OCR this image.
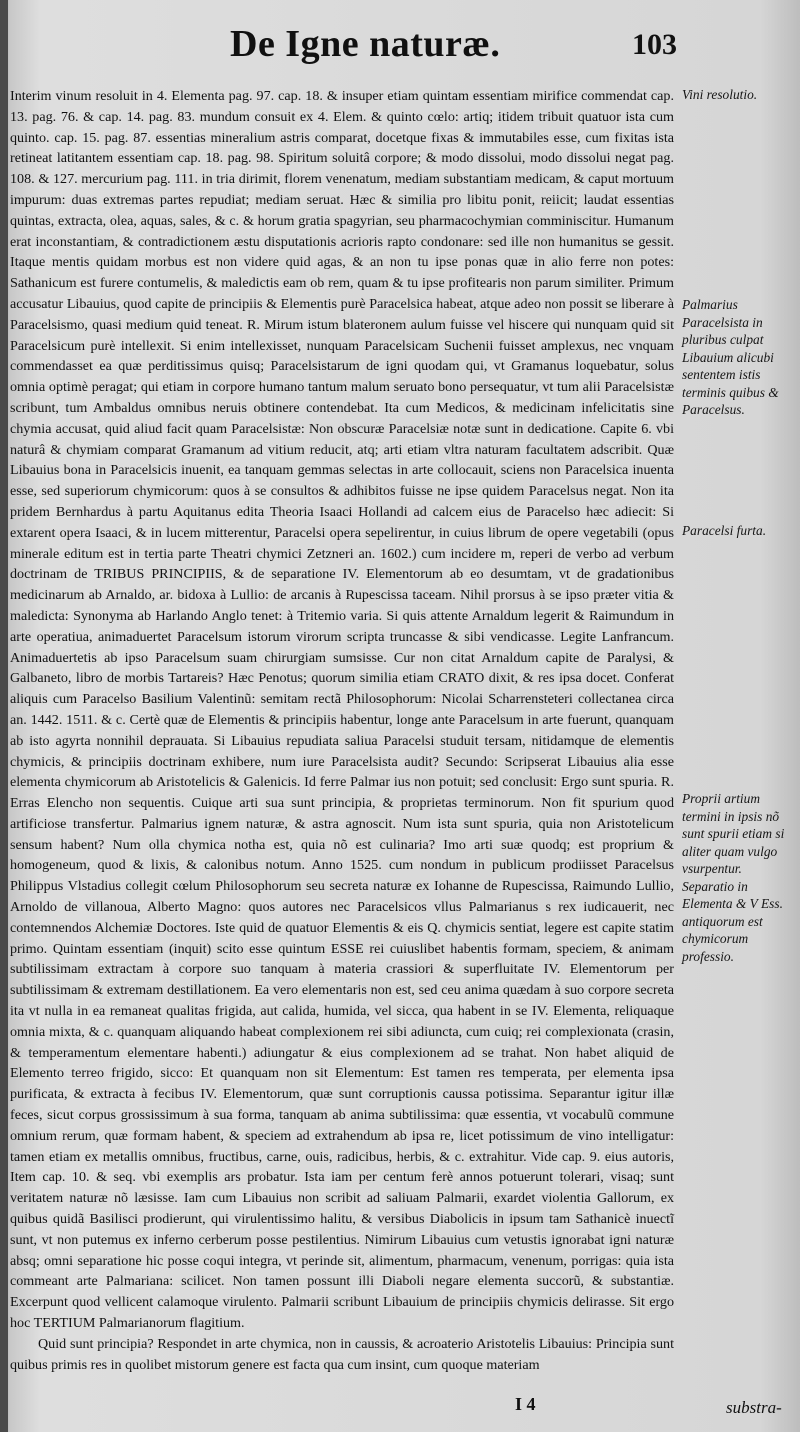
De Igne naturæ.	103

Interim vinum resoluit in 4. Elementa pag. 97. cap. 18. & insuper etiam quintam essentiam mirifice commendat cap. 13. pag. 76. & cap. 14. pag. 83. mundum consuit ex 4. Elem. & quinto cœlo: artiq; itidem tribuit quatuor ista cum quinto. cap. 15. pag. 87. essentias mineralium astris comparat, docetque fixas & immutabiles esse, cum fixitas ista retineat latitantem essentiam cap. 18. pag. 98. Spiritum soluitâ corpore; & modo dissolui, modo dissolui negat pag. 108. & 127. mercurium pag. 111. in tria dirimit, florem venenatum, mediam substantiam medicam, & caput mortuum impurum: duas extremas partes repudiat; mediam seruat. Hæc & similia pro libitu ponit, reiicit; laudat essentias quintas, extracta, olea, aquas, sales, & c. & horum gratia spagyrian, seu pharmacochymian comminiscitur. Humanum erat inconstantiam, & contradictionem æstu disputationis acrioris rapto condonare: sed ille non humanitus se gessit. Itaque mentis quidam morbus est non videre quid agas, & an non tu ipse ponas quæ in alio ferre non potes: Sathanicum est furere contumelis, & maledictis eam ob rem, quam & tu ipse profitearis non parum similiter. Primum accusatur Libauius, quod capite de principiis & Elementis purè Paracelsica habeat, atque adeo non possit se liberare à Paracelsismo, quasi medium quid teneat. R. Mirum istum blateronem aulum fuisse vel hiscere qui nunquam quid sit Paracelsicum purè intellexit. Si enim intellexisset, nunquam Paracelsicam Suchenii fuisset amplexus, nec vnquam commendasset ea quæ perditissimus quisq; Paracelsistarum de igni quodam qui, vt Gramanus loquebatur, solus omnia optimè peragat; qui etiam in corpore humano tantum malum seruato bono persequatur, vt tum alii Paracelsistæ scribunt, tum Ambaldus omnibus neruis obtinere contendebat. Ita cum Medicos, & medicinam infelicitatis sine chymia accusat, quid aliud facit quam Paracelsistæ: Non obscuræ Paracelsiæ notæ sunt in dedicatione. Capite 6. vbi naturâ & chymiam comparat Gramanum ad vitium reducit, atq; arti etiam vltra naturam facultatem adscribit. Quæ Libauius bona in Paracelsicis inuenit, ea tanquam gemmas selectas in arte collocauit, sciens non Paracelsica inuenta esse, sed superiorum chymicorum: quos à se consultos & adhibitos fuisse ne ipse quidem Paracelsus negat. Non ita pridem Bernhardus à partu Aquitanus edita Theoria Isaaci Hollandi ad calcem eius de Paracelso hæc adiecit: Si extarent opera Isaaci, & in lucem mitterentur, Paracelsi opera sepelirentur, in cuius librum de opere vegetabili (opus minerale editum est in tertia parte Theatri chymici Zetzneri an. 1602.) cum incidere m, reperi de verbo ad verbum doctrinam de TRIBUS PRINCIPIIS, & de separatione IV. Elementorum ab eo desumtam, vt de gradationibus medicinarum ab Arnaldo, ar. bidoxa à Lullio: de arcanis à Rupescissa taceam. Nihil prorsus à se ipso præter vitia & maledicta: Synonyma ab Harlando Anglo tenet: à Tritemio varia. Si quis attente Arnaldum legerit & Raimundum in arte operatiua, animaduertet Paracelsum istorum virorum scripta truncasse & sibi vendicasse. Legite Lanfrancum. Animaduertetis ab ipso Paracelsum suam chirurgiam sumsisse. Cur non citat Arnaldum capite de Paralysi, & Galbaneto, libro de morbis Tartareis? Hæc Penotus; quorum similia etiam CRATO dixit, & res ipsa docet. Conferat aliquis cum Paracelso Basilium Valentinũ: semitam rectã Philosophorum: Nicolai Scharrensteteri collectanea circa an. 1442. 1511. & c. Certè quæ de Elementis & principiis habentur, longe ante Paracelsum in arte fuerunt, quanquam ab isto agyrta nonnihil deprauata. Si Libauius repudiata saliua Paracelsi studuit tersam, nitidamque de elementis chymicis, & principiis doctrinam exhibere, num iure Paracelsista audit? Secundo: Scripserat Libauius alia esse elementa chymicorum ab Aristotelicis & Galenicis. Id ferre Palmar ius non potuit; sed conclusit: Ergo sunt spuria. R. Erras Elencho non sequentis. Cuique arti sua sunt principia, & proprietas terminorum. Non fit spurium quod artificiose transfertur. Palmarius ignem naturæ, & astra agnoscit. Num ista sunt spuria, quia non Aristotelicum sensum habent? Num olla chymica notha est, quia nõ est culinaria? Imo arti suæ quodq; est proprium & homogeneum, quod & lixis, & calonibus notum. Anno 1525. cum nondum in publicum prodiisset Paracelsus Philippus Vlstadius collegit cœlum Philosophorum seu secreta naturæ ex Iohanne de Rupescissa, Raimundo Lullio, Arnoldo de villanoua, Alberto Magno: quos autores nec Paracelsicos vllus Palmarianus s rex iudicauerit, nec contemnendos Alchemiæ Doctores. Iste quid de quatuor Elementis & eis Q. chymicis sentiat, legere est capite statim primo. Quintam essentiam (inquit) scito esse quintum ESSE rei cuiuslibet habentis formam, speciem, & animam subtilissimam extractam à corpore suo tanquam à materia crassiori & superfluitate IV. Elementorum per subtilissimam & extremam destillationem. Ea vero elementaris non est, sed ceu anima quædam à suo corpore secreta ita vt nulla in ea remaneat qualitas frigida, aut calida, humida, vel sicca, qua habent in se IV. Elementa, reliquaque omnia mixta, & c. quanquam aliquando habeat complexionem rei sibi adiuncta, cum cuiq; rei complexionata (crasin, & temperamentum elementare habenti.) adiungatur & eius complexionem ad se trahat. Non habet aliquid de Elemento terreo frigido, sicco: Et quanquam non sit Elementum: Est tamen res temperata, per elementa ipsa purificata, & extracta à fecibus IV. Elementorum, quæ sunt corruptionis caussa potissima. Separantur igitur illæ feces, sicut corpus grossissimum à sua forma, tanquam ab anima subtilissima: quæ essentia, vt vocabulũ commune omnium rerum, quæ formam habent, & speciem ad extrahendum ab ipsa re, licet potissimum de vino intelligatur: tamen etiam ex metallis omnibus, fructibus, carne, ouis, radicibus, herbis, & c. extrahitur. Vide cap. 9. eius autoris, Item cap. 10. & seq. vbi exemplis ars probatur. Ista iam per centum ferè annos potuerunt tolerari, visaq; sunt veritatem naturæ nõ læsisse. Iam cum Libauius non scribit ad saliuam Palmarii, exardet violentia Gallorum, ex quibus quidã Basilisci prodierunt, qui virulentissimo halitu, & versibus Diabolicis in ipsum tam Sathanicè inuectĩ sunt, vt non putemus ex inferno cerberum posse pestilentius. Nimirum Libauius cum vetustis ignorabat igni naturæ absq; omni separatione hic posse coqui integra, vt perinde sit, alimentum, pharmacum, venenum, porrigas: quia ista commeant arte Palmariana: scilicet. Non tamen possunt illi Diaboli negare elementa succorũ, & substantiæ. Excerpunt quod vellicent calamoque virulento. Palmarii scribunt Libauium de principiis chymicis delirasse. Sit ergo hoc TERTIUM Palmarianorum flagitium.

Quid sunt principia? Respondet in arte chymica, non in caussis, & acroaterio Aristotelis Libauius: Principia sunt quibus primis res in quolibet mistorum genere est facta qua cum insint, cum quoque materiam

Vini resolutio.
Palmarius Paracelsista in pluribus culpat Libauium alicubi sententem istis terminis quibus & Paracelsus.
Paracelsi furta.
Proprii artium termini in ipsis nõ sunt spurii etiam si aliter quam vulgo vsurpentur. Separatio in Elementa & V Ess. antiquorum est chymicorum professio.
I 4	substra-
